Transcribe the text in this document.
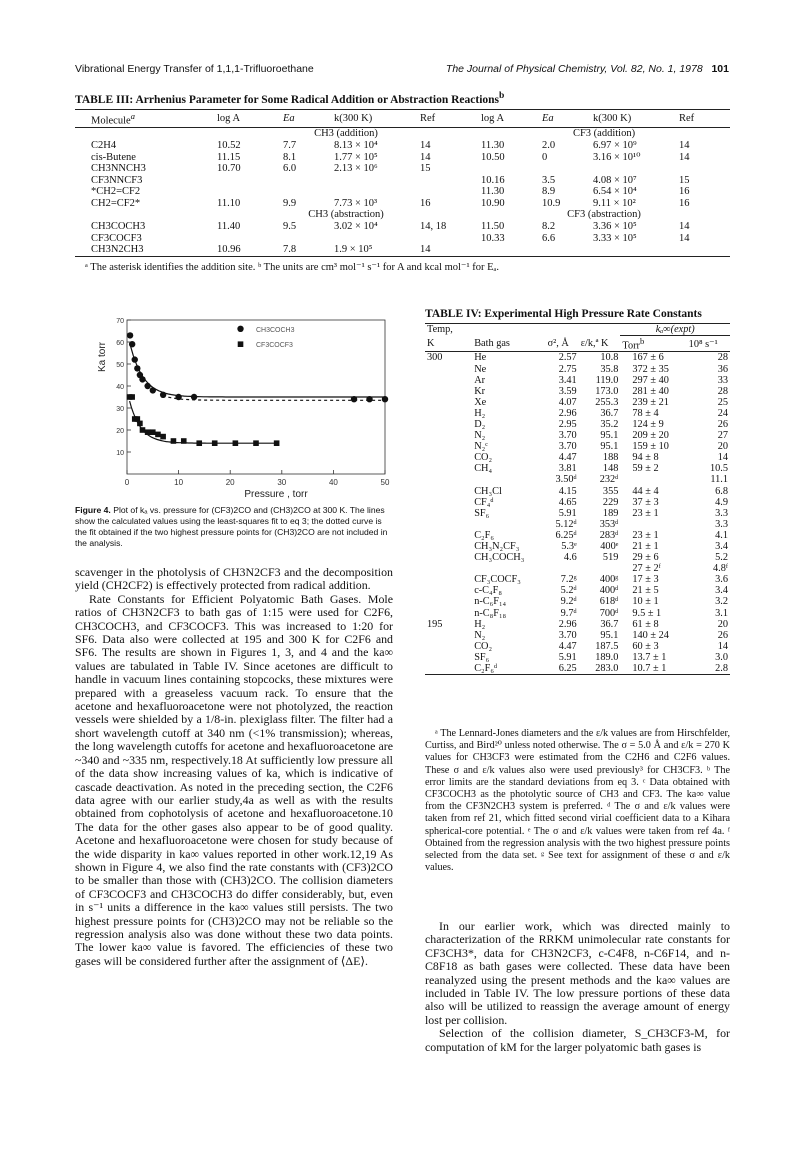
Vibrational Energy Transfer of 1,1,1-Trifluoroethane	The Journal of Physical Chemistry, Vol. 82, No. 1, 1978 101
TABLE III: Arrhenius Parameter for Some Radical Addition or Abstraction Reactions$^b$
Molecule$^a$	log A	Ea	k(300 K)	Ref	log A	Ea	k(300 K)	Ref
	CH3 (addition)				CF3 (addition)			
C2H4	10.52	7.7	8.13 × 10⁴	14	11.30	2.0	6.97 × 10⁹	14
cis-Butene	11.15	8.1	1.77 × 10⁵	14	10.50	0	3.16 × 10¹⁰	14
CH3NNCH3	10.70	6.0	2.13 × 10⁶	15				
CF3NNCF3					10.16	3.5	4.08 × 10⁷	15
*CH2=CF2					11.30	8.9	6.54 × 10⁴	16
CH2=CF2*	11.10	9.9	7.73 × 10³	16	10.90	10.9	9.11 × 10²	16
	CH3 (abstraction)				CF3 (abstraction)			
CH3COCH3	11.40	9.5	3.02 × 10⁴	14, 18	11.50	8.2	3.36 × 10⁵	14
CF3COCF3					10.33	6.6	3.33 × 10⁵	14
CH3N2CH3	10.96	7.8	1.9 × 10⁵	14				
ᵃ The asterisk identifies the addition site. ᵇ The units are cm³ mol⁻¹ s⁻¹ for A and kcal mol⁻¹ for Eₐ.
0	10	20	30	40	50
10
20
30
40
50
60
70
Pressure , torr
Ka torr
CH3COCH3
CF3COCF3
Figure 4. Plot of kₐ vs. pressure for (CF3)2CO and (CH3)2CO at 300 K. The lines show the calculated values using the least-squares fit to eq 3; the dotted curve is the fit obtained if the two highest pressure points for (CH3)2CO are not included in the analysis.

scavenger in the photolysis of CH3N2CF3 and the decomposition yield (CH2CF2) is effectively protected from radical addition.

Rate Constants for Efficient Polyatomic Bath Gases. Mole ratios of CH3N2CF3 to bath gas of 1:15 were used for C2F6, CH3COCH3, and CF3COCF3. This was increased to 1:20 for SF6. Data also were collected at 195 and 300 K for C2F6 and SF6. The results are shown in Figures 1, 3, and 4 and the ka∞ values are tabulated in Table IV. Since acetones are difficult to handle in vacuum lines containing stopcocks, these mixtures were prepared with a greaseless vacuum rack. To ensure that the acetone and hexafluoroacetone were not photolyzed, the reaction vessels were shielded by a 1/8-in. plexiglass filter. The filter had a short wavelength cutoff at 340 nm (<1% transmission); whereas, the long wavelength cutoffs for acetone and hexafluoroacetone are ~340 and ~335 nm, respectively.18 At sufficiently low pressure all of the data show increasing values of ka, which is indicative of cascade deactivation. As noted in the preceding section, the C2F6 data agree with our earlier study,4a as well as with the results obtained from cophotolysis of acetone and hexafluoroacetone.10 The data for the other gases also appear to be of good quality. Acetone and hexafluoroacetone were chosen for study because of the wide disparity in ka∞ values reported in other work.12,19 As shown in Figure 4, we also find the rate constants with (CF3)2CO to be smaller than those with (CH3)2CO. The collision diameters of CF3COCF3 and CH3COCH3 do differ considerably, but, even in s⁻¹ units a difference in the ka∞ values still persists. The two highest pressure points for (CH3)2CO may not be reliable so the regression analysis also was done without these two data points. The lower ka∞ value is favored. The efficiencies of these two gases will be considered further after the assignment of ⟨ΔE⟩.

TABLE IV: Experimental High Pressure Rate Constants
Temp,				kₐ∞(expt)	
K	Bath gas	σ², Å	ε/k,ª K	Torr$^b$	10⁸ s⁻¹
300	He	2.57	10.8	167 ± 6	28
	Ne	2.75	35.8	372 ± 35	36
	Ar	3.41	119.0	297 ± 40	33
	Kr	3.59	173.0	281 ± 40	28
	Xe	4.07	255.3	239 ± 21	25
	H₂	2.96	36.7	78 ± 4	24
	D₂	2.95	35.2	124 ± 9	26
	N₂	3.70	95.1	209 ± 20	27
	N₂ᶜ	3.70	95.1	159 ± 10	20
	CO₂	4.47	188	94 ± 8	14
	CH₄	3.81	148	59 ± 2	10.5
		3.50ᵈ	232ᵈ		11.1
	CH₃Cl	4.15	355	44 ± 4	6.8
	CF₄ᵈ	4.65	229	37 ± 3	4.9
	SF₆	5.91	189	23 ± 1	3.3
		5.12ᵈ	353ᵈ		3.3
	C₂F₆	6.25ᵈ	283ᵈ	23 ± 1	4.1
	CH₃N₂CF₃	5.3ᵉ	400ᵉ	21 ± 1	3.4
	CH₃COCH₃	4.6	519	29 ± 6	5.2
				27 ± 2ᶠ	4.8ᶠ
	CF₃COCF₃	7.2ᵍ	400ᵍ	17 ± 3	3.6
	c-C₄F₈	5.2ᵈ	400ᵈ	21 ± 5	3.4
	n-C₆F₁₄	9.2ᵈ	618ᵈ	10 ± 1	3.2
	n-C₈F₁₈	9.7ᵈ	700ᵈ	9.5 ± 1	3.1
195	H₂	2.96	36.7	61 ± 8	20
	N₂	3.70	95.1	140 ± 24	26
	CO₂	4.47	187.5	60 ± 3	14
	SF₆	5.91	189.0	13.7 ± 1	3.0
	C₂F₆ᵈ	6.25	283.0	10.7 ± 1	2.8

ᵃ The Lennard-Jones diameters and the ε/k values are from Hirschfelder, Curtiss, and Bird²⁰ unless noted otherwise. The σ = 5.0 Å and ε/k = 270 K values for CH3CF3 were estimated from the C2H6 and C2F6 values. These σ and ε/k values also were used previously³ for CH3CF3. ᵇ The error limits are the standard deviations from eq 3. ᶜ Data obtained with CF3COCH3 as the photolytic source of CH3 and CF3. The ka∞ value from the CF3N2CH3 system is preferred. ᵈ The σ and ε/k values were taken from ref 21, which fitted second virial coefficient data to a Kihara spherical-core potential. ᵉ The σ and ε/k values were taken from ref 4a. ᶠ Obtained from the regression analysis with the two highest pressure points selected from the data set. ᵍ See text for assignment of these σ and ε/k values.

In our earlier work, which was directed mainly to characterization of the RRKM unimolecular rate constants for CF3CH3*, data for CH3N2CF3, c-C4F8, n-C6F14, and n-C8F18 as bath gases were collected. These data have been reanalyzed using the present methods and the ka∞ values are included in Table IV. The low pressure portions of these data also will be utilized to reassign the average amount of energy lost per collision.

Selection of the collision diameter, S_CH3CF3-M, for computation of kM for the larger polyatomic bath gases is
